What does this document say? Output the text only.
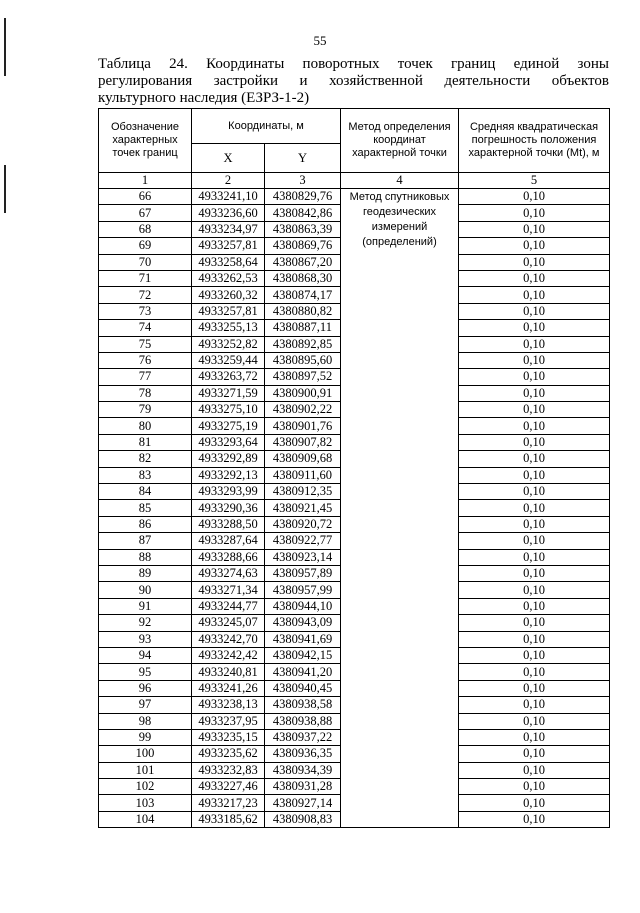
55

Таблица 24. Координаты поворотных точек границ единой зоны

регулирования застройки и хозяйственной деятельности объектов

культурного наследия (ЕЗРЗ-1-2)

Обозначение характерных точек границ	Координаты, м		Метод определения координат характерной точки	Средняя квадратическая погрешность положения характерной точки (Mt), м
	X	Y		
1	2	3	4	5
66	4933241,10	4380829,76	Метод спутниковых геодезических измерений (определений)	0,10
67	4933236,60	4380842,86		0,10
68	4933234,97	4380863,39		0,10
69	4933257,81	4380869,76		0,10
70	4933258,64	4380867,20		0,10
71	4933262,53	4380868,30		0,10
72	4933260,32	4380874,17		0,10
73	4933257,81	4380880,82		0,10
74	4933255,13	4380887,11		0,10
75	4933252,82	4380892,85		0,10
76	4933259,44	4380895,60		0,10
77	4933263,72	4380897,52		0,10
78	4933271,59	4380900,91		0,10
79	4933275,10	4380902,22		0,10
80	4933275,19	4380901,76		0,10
81	4933293,64	4380907,82		0,10
82	4933292,89	4380909,68		0,10
83	4933292,13	4380911,60		0,10
84	4933293,99	4380912,35		0,10
85	4933290,36	4380921,45		0,10
86	4933288,50	4380920,72		0,10
87	4933287,64	4380922,77		0,10
88	4933288,66	4380923,14		0,10
89	4933274,63	4380957,89		0,10
90	4933271,34	4380957,99		0,10
91	4933244,77	4380944,10		0,10
92	4933245,07	4380943,09		0,10
93	4933242,70	4380941,69		0,10
94	4933242,42	4380942,15		0,10
95	4933240,81	4380941,20		0,10
96	4933241,26	4380940,45		0,10
97	4933238,13	4380938,58		0,10
98	4933237,95	4380938,88		0,10
99	4933235,15	4380937,22		0,10
100	4933235,62	4380936,35		0,10
101	4933232,83	4380934,39		0,10
102	4933227,46	4380931,28		0,10
103	4933217,23	4380927,14		0,10
104	4933185,62	4380908,83		0,10
